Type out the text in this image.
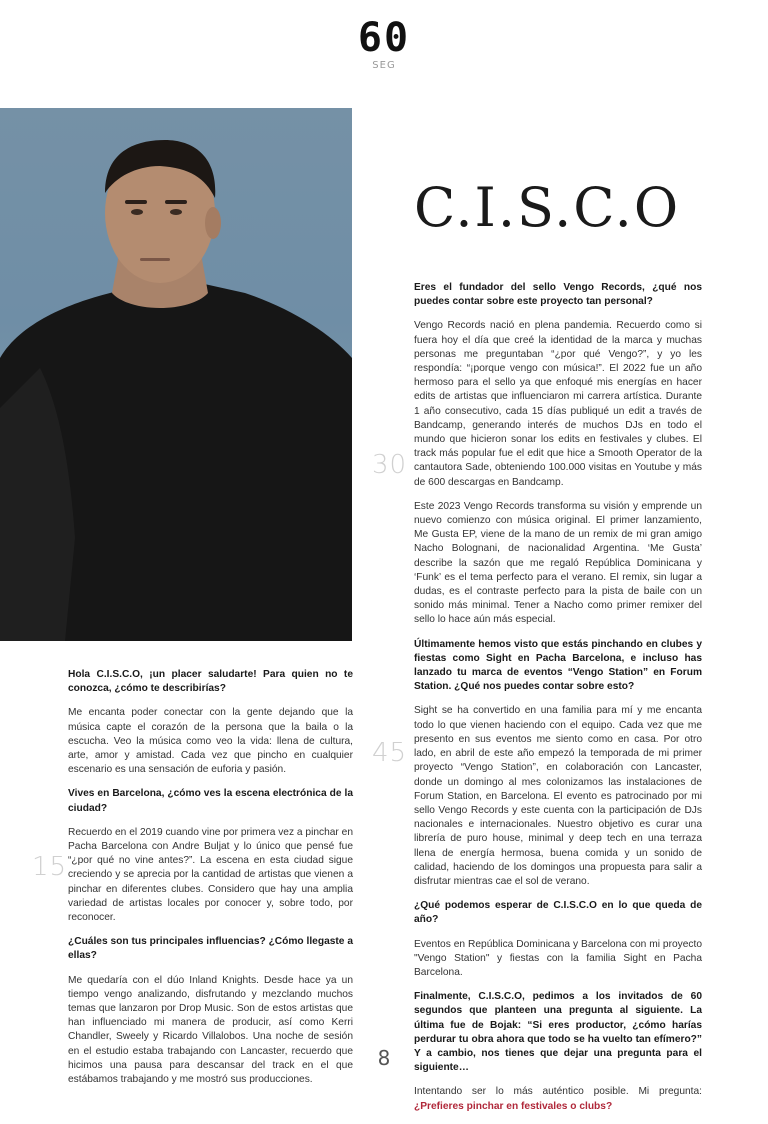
60
SEG
C.I.S.C.O
30
45
15

Eres el fundador del sello Vengo Records, ¿qué nos puedes contar sobre este proyecto tan personal?

Vengo Records nació en plena pandemia. Recuerdo como si fuera hoy el día que creé la identidad de la marca y muchas personas me preguntaban “¿por qué Vengo?”, y yo les respondía: “¡porque vengo con música!”. El 2022 fue un año hermoso para el sello ya que enfoqué mis energías en hacer edits de artistas que influenciaron mi carrera artística. Durante 1 año consecutivo, cada 15 días publiqué un edit a través de Bandcamp, generando interés de muchos DJs en todo el mundo que hicieron sonar los edits en festivales y clubes. El track más popular fue el edit que hice a Smooth Operator de la cantautora Sade, obteniendo 100.000 visitas en Youtube y más de 600 descargas en Bandcamp.

Este 2023 Vengo Records transforma su visión y emprende un nuevo comienzo con música original. El primer lanzamiento, Me Gusta EP, viene de la mano de un remix de mi gran amigo Nacho Bolognani, de nacionalidad Argentina. ‘Me Gusta’ describe la sazón que me regaló República Dominicana y ‘Funk’ es el tema perfecto para el verano. El remix, sin lugar a dudas, es el contraste perfecto para la pista de baile con un sonido más minimal. Tener a Nacho como primer remixer del sello lo hace aún más especial.

Últimamente hemos visto que estás pinchando en clubes y fiestas como Sight en Pacha Barcelona, e incluso has lanzado tu marca de eventos “Vengo Station” en Forum Station. ¿Qué nos puedes contar sobre esto?

Sight se ha convertido en una familia para mí y me encanta todo lo que vienen haciendo con el equipo. Cada vez que me presento en sus eventos me siento como en casa. Por otro lado, en abril de este año empezó la temporada de mi primer proyecto “Vengo Station”, en colaboración con Lancaster, donde un domingo al mes colonizamos las instalaciones de Forum Station, en Barcelona. El evento es patrocinado por mi sello Vengo Records y este cuenta con la participación de DJs nacionales e internacionales. Nuestro objetivo es curar una librería de puro house, minimal y deep tech en una terraza llena de energía hermosa, buena comida y un sonido de calidad, haciendo de los domingos una propuesta para salir a disfrutar mientras cae el sol de verano.

¿Qué podemos esperar de C.I.S.C.O en lo que queda de año?

Eventos en República Dominicana y Barcelona con mi proyecto "Vengo Station" y fiestas con la familia Sight en Pacha Barcelona.

Finalmente, C.I.S.C.O, pedimos a los invitados de 60 segundos que planteen una pregunta al siguiente. La última fue de Bojak: “Si eres productor, ¿cómo harías perdurar tu obra ahora que todo se ha vuelto tan efímero?” Y a cambio, nos tienes que dejar una pregunta para el siguiente…

Intentando ser lo más auténtico posible. Mi pregunta: ¿Prefieres pinchar en festivales o clubs?

Hola C.I.S.C.O, ¡un placer saludarte! Para quien no te conozca, ¿cómo te describirías?

Me encanta poder conectar con la gente dejando que la música capte el corazón de la persona que la baila o la escucha. Veo la música como veo la vida: llena de cultura, arte, amor y amistad. Cada vez que pincho en cualquier escenario es una sensación de euforia y pasión.

Vives en Barcelona, ¿cómo ves la escena electrónica de la ciudad?

Recuerdo en el 2019 cuando vine por primera vez a pinchar en Pacha Barcelona con Andre Buljat y lo único que pensé fue “¿por qué no vine antes?”. La escena en esta ciudad sigue creciendo y se aprecia por la cantidad de artistas que vienen a pinchar en diferentes clubes. Considero que hay una amplia variedad de artistas locales por conocer y, sobre todo, por reconocer.

¿Cuáles son tus principales influencias? ¿Cómo llegaste a ellas?

Me quedaría con el dúo Inland Knights. Desde hace ya un tiempo vengo analizando, disfrutando y mezclando muchos temas que lanzaron por Drop Music. Son de estos artistas que han influenciado mi manera de producir, así como Kerri Chandler, Sweely y Ricardo Villalobos. Una noche de sesión en el estudio estaba trabajando con Lancaster, recuerdo que hicimos una pausa para descansar del track en el que estábamos trabajando y me mostró sus producciones.

8
